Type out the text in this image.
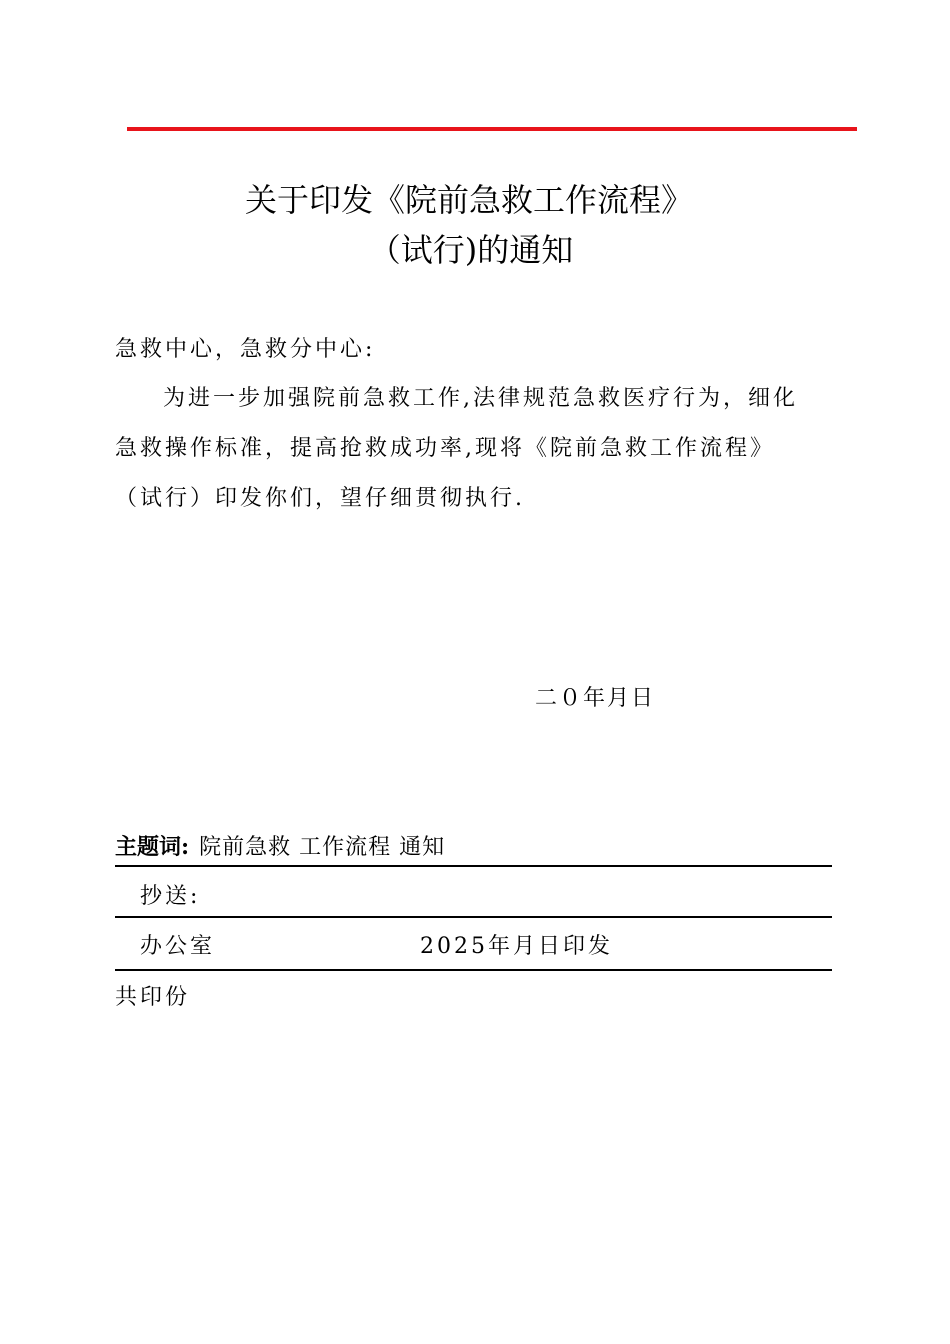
关于印发《院前急救工作流程》
（试行)的通知
急救中心，急救分中心:
为进一步加强院前急救工作,法律规范急救医疗行为，细化
急救操作标准，提高抢救成功率,现将《院前急救工作流程》
（试行）印发你们，望仔细贯彻执行.
二０年月日
主题词: 院前急救 工作流程 通知
抄送:
办公室	2025年月日印发
共印份
